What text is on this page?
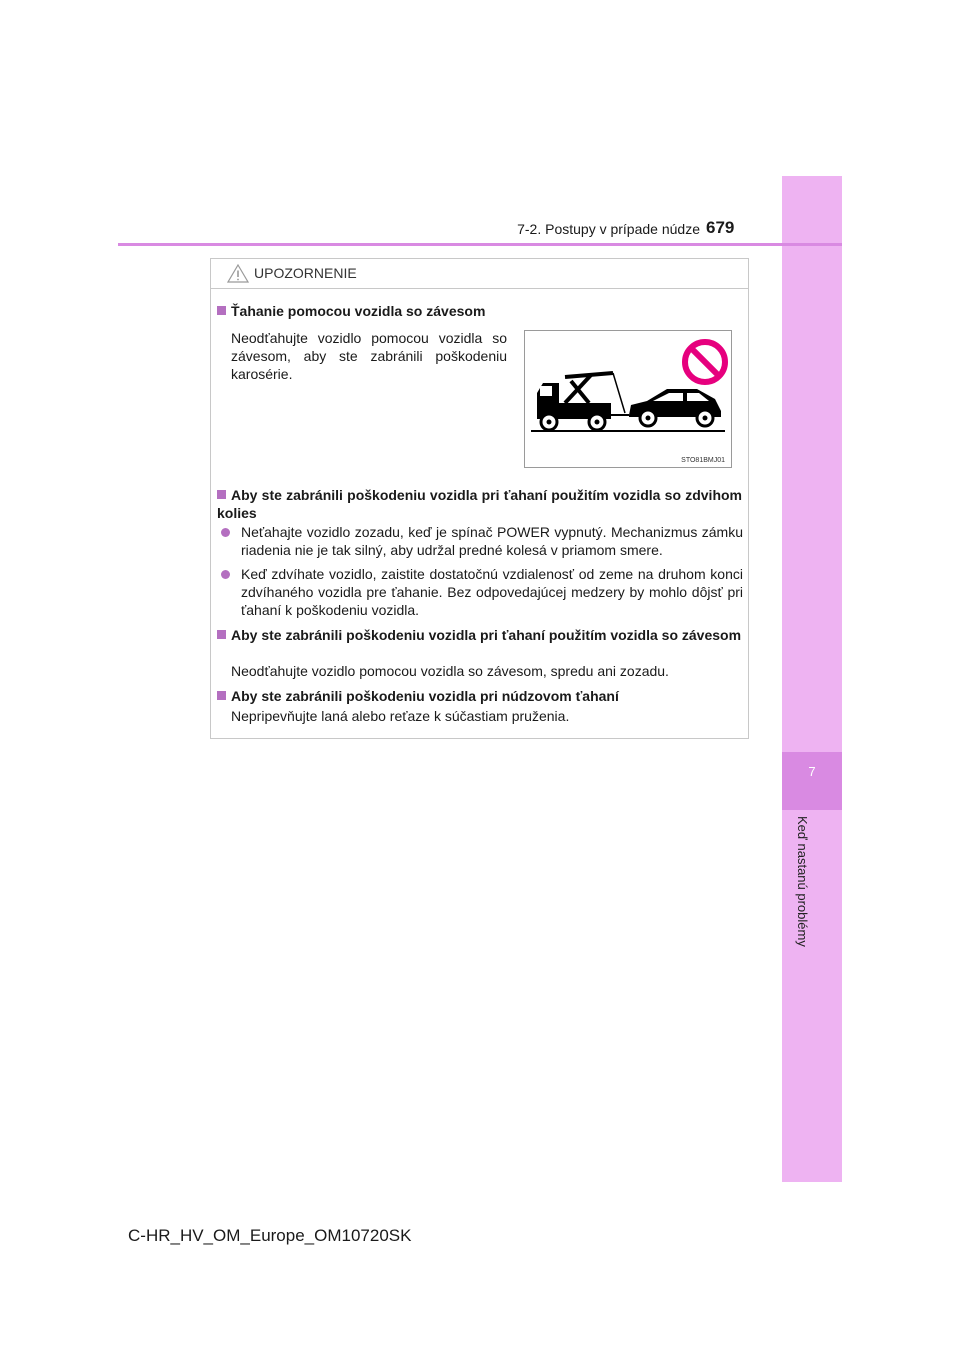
7
Keď nastanú problémy
7-2. Postupy v prípade núdze 679
UPOZORNENIE
Ťahanie pomocou vozidla so závesom
Neodťahujte vozidlo pomocou vozidla so závesom, aby ste zabránili poškodeniu karosérie.
STO81BMJ01
Aby ste zabránili poškodeniu vozidla pri ťahaní použitím vozidla so zdvihom kolies
Neťahajte vozidlo zozadu, keď je spínač POWER vypnutý. Mechanizmus zámku riadenia nie je tak silný, aby udržal predné kolesá v priamom smere.
Keď zdvíhate vozidlo, zaistite dostatočnú vzdialenosť od zeme na druhom konci zdvíhaného vozidla pre ťahanie. Bez odpovedajúcej medzery by mohlo dôjsť pri ťahaní k poškodeniu vozidla.
Aby ste zabránili poškodeniu vozidla pri ťahaní použitím vozidla so závesom
Neodťahujte vozidlo pomocou vozidla so závesom, spredu ani zozadu.
Aby ste zabránili poškodeniu vozidla pri núdzovom ťahaní
Nepripevňujte laná alebo reťaze k súčastiam pruženia.
C-HR_HV_OM_Europe_OM10720SK
